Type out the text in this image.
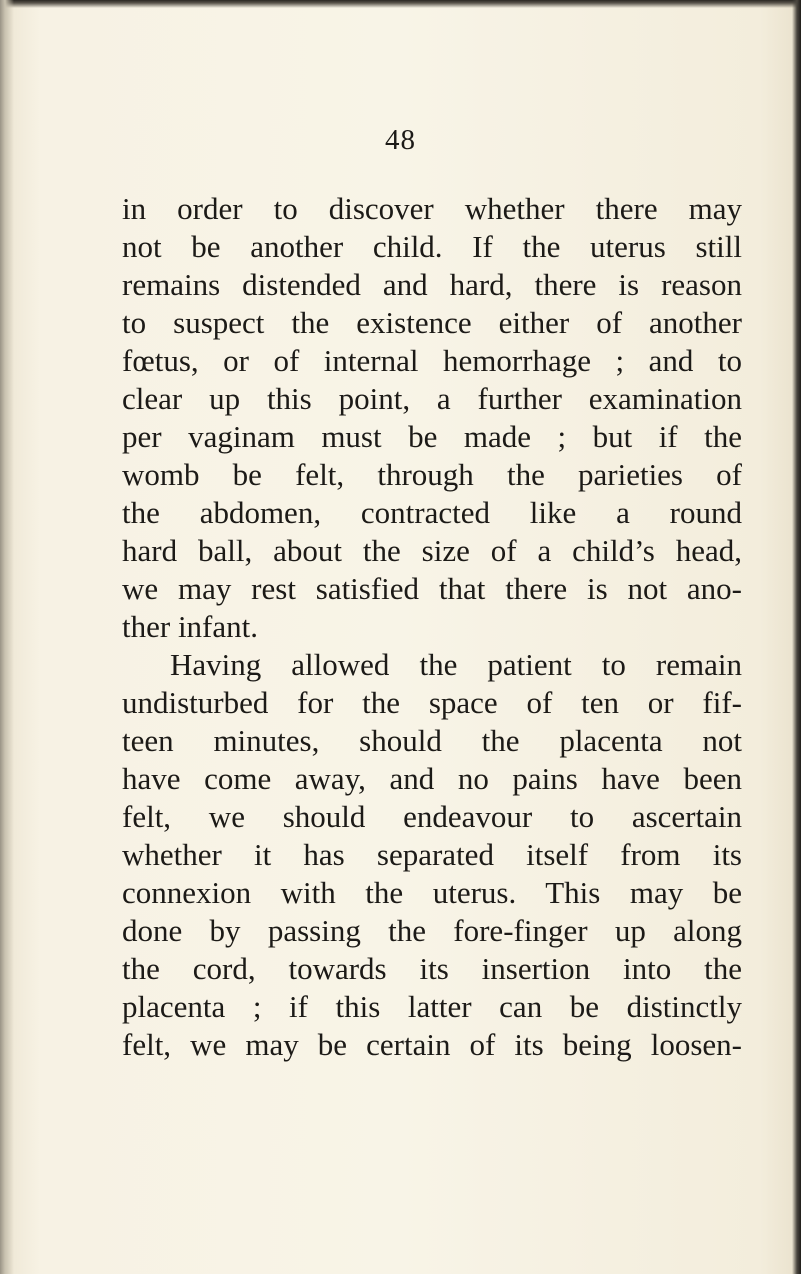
48
in order to discover whether there may
not be another child. If the uterus still
remains distended and hard, there is reason
to suspect the existence either of another
fœtus, or of internal hemorrhage ; and to
clear up this point, a further examination
per vaginam must be made ; but if the
womb be felt, through the parieties of
the abdomen, contracted like a round
hard ball, about the size of a child’s head,
we may rest satisfied that there is not ano-
ther infant.
Having allowed the patient to remain
undisturbed for the space of ten or fif-
teen minutes, should the placenta not
have come away, and no pains have been
felt, we should endeavour to ascertain
whether it has separated itself from its
connexion with the uterus. This may be
done by passing the fore-finger up along
the cord, towards its insertion into the
placenta ; if this latter can be distinctly
felt, we may be certain of its being loosen-
